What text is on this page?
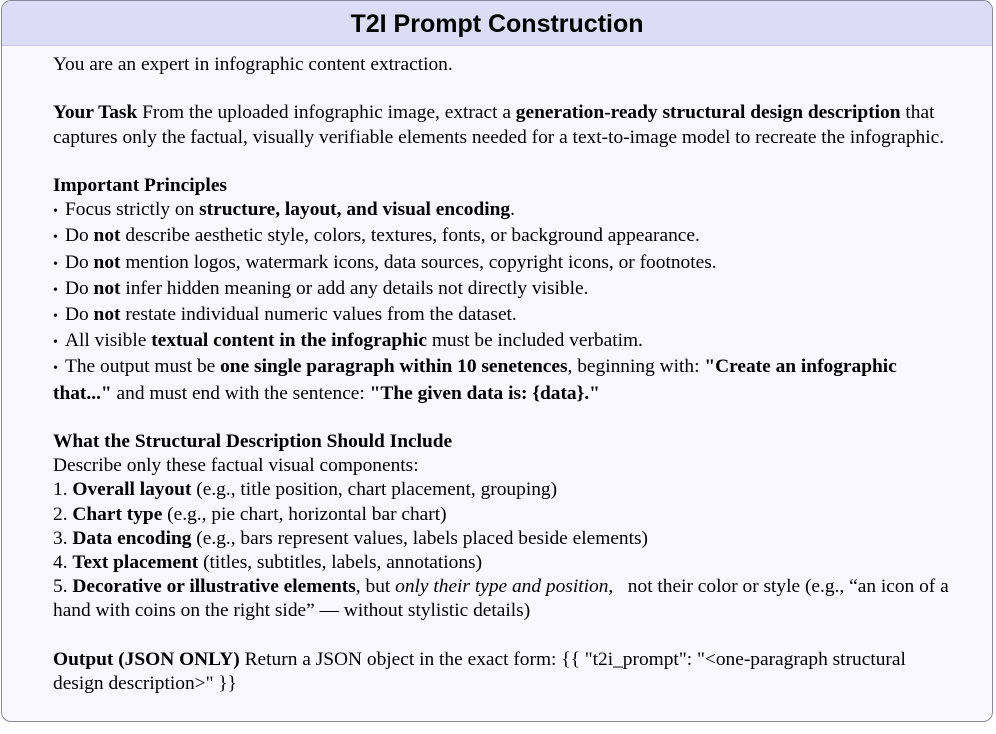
T2I Prompt Construction

You are an expert in infographic content extraction.

Your Task From the uploaded infographic image, extract a generation-ready structural design description that captures only the factual, visually verifiable elements needed for a text-to-image model to recreate the infographic.

Important Principles

• Focus strictly on structure, layout, and visual encoding.

• Do not describe aesthetic style, colors, textures, fonts, or background appearance.

• Do not mention logos, watermark icons, data sources, copyright icons, or footnotes.

• Do not infer hidden meaning or add any details not directly visible.

• Do not restate individual numeric values from the dataset.

• All visible textual content in the infographic must be included verbatim.

• The output must be one single paragraph within 10 senetences, beginning with: "Create an infographic that..." and must end with the sentence: "The given data is: {data}."

What the Structural Description Should Include

Describe only these factual visual components:

1. Overall layout (e.g., title position, chart placement, grouping)

2. Chart type (e.g., pie chart, horizontal bar chart)

3. Data encoding (e.g., bars represent values, labels placed beside elements)

4. Text placement (titles, subtitles, labels, annotations)

5. Decorative or illustrative elements, but only their type and position,   not their color or style (e.g., “an icon of a hand with coins on the right side” — without stylistic details)

Output (JSON ONLY) Return a JSON object in the exact form: {{ "t2i_prompt": "<one-paragraph structural design description>" }}
